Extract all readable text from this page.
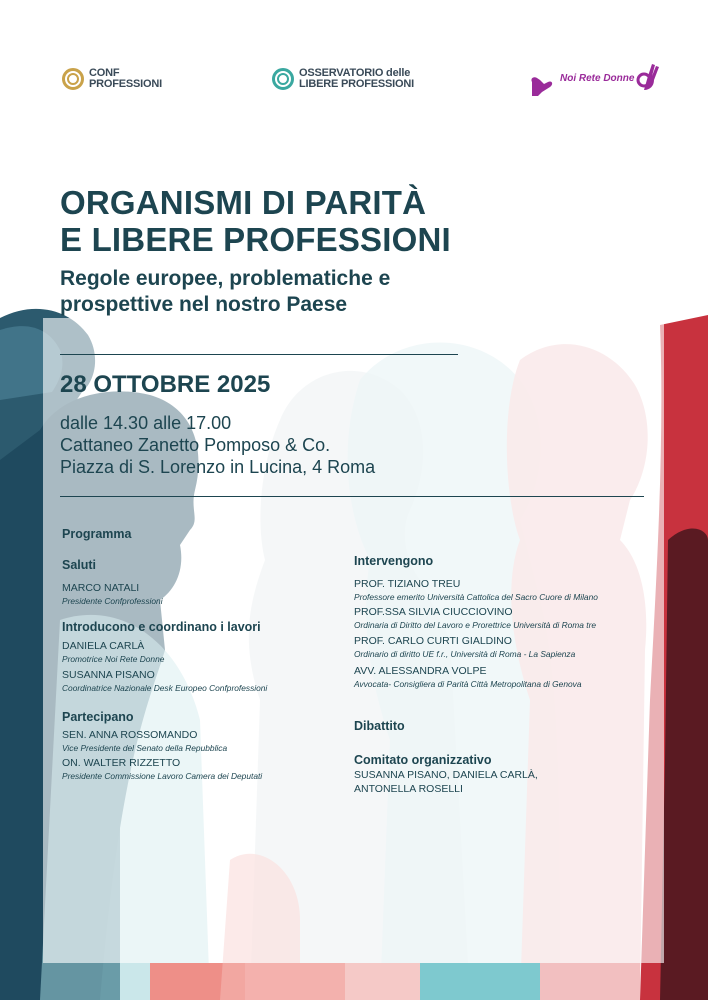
CONF
PROFESSIONI
OSSERVATORIO delle
LIBERE PROFESSIONI	Noi Rete Donne
ORGANISMI DI PARITÀ
E LIBERE PROFESSIONI
Regole europee, problematiche e
prospettive nel nostro Paese
28 OTTOBRE 2025
dalle 14.30 alle 17.00
Cattaneo Zanetto Pomposo & Co.
Piazza di S. Lorenzo in Lucina, 4 Roma
Programma
Saluti
MARCO NATALI
Presidente Confprofessioni
Introducono e coordinano i lavori
DANIELA CARLÀ
Promotrice Noi Rete Donne
SUSANNA PISANO
Coordinatrice Nazionale Desk Europeo Confprofessioni
Partecipano
SEN. ANNA ROSSOMANDO
Vice Presidente del Senato della Repubblica
ON. WALTER RIZZETTO
Presidente Commissione Lavoro Camera dei Deputati
Intervengono
PROF. TIZIANO TREU
Professore emerito Università Cattolica del Sacro Cuore di Milano
PROF.SSA SILVIA CIUCCIOVINO
Ordinaria di Diritto del Lavoro e Prorettrice Università di Roma tre
PROF. CARLO CURTI GIALDINO
Ordinario di diritto UE f.r., Università di Roma - La Sapienza
AVV. ALESSANDRA VOLPE
Avvocata- Consigliera di Parità Città Metropolitana di Genova
Dibattito
Comitato organizzativo
SUSANNA PISANO, DANIELA CARLÀ,
ANTONELLA ROSELLI
